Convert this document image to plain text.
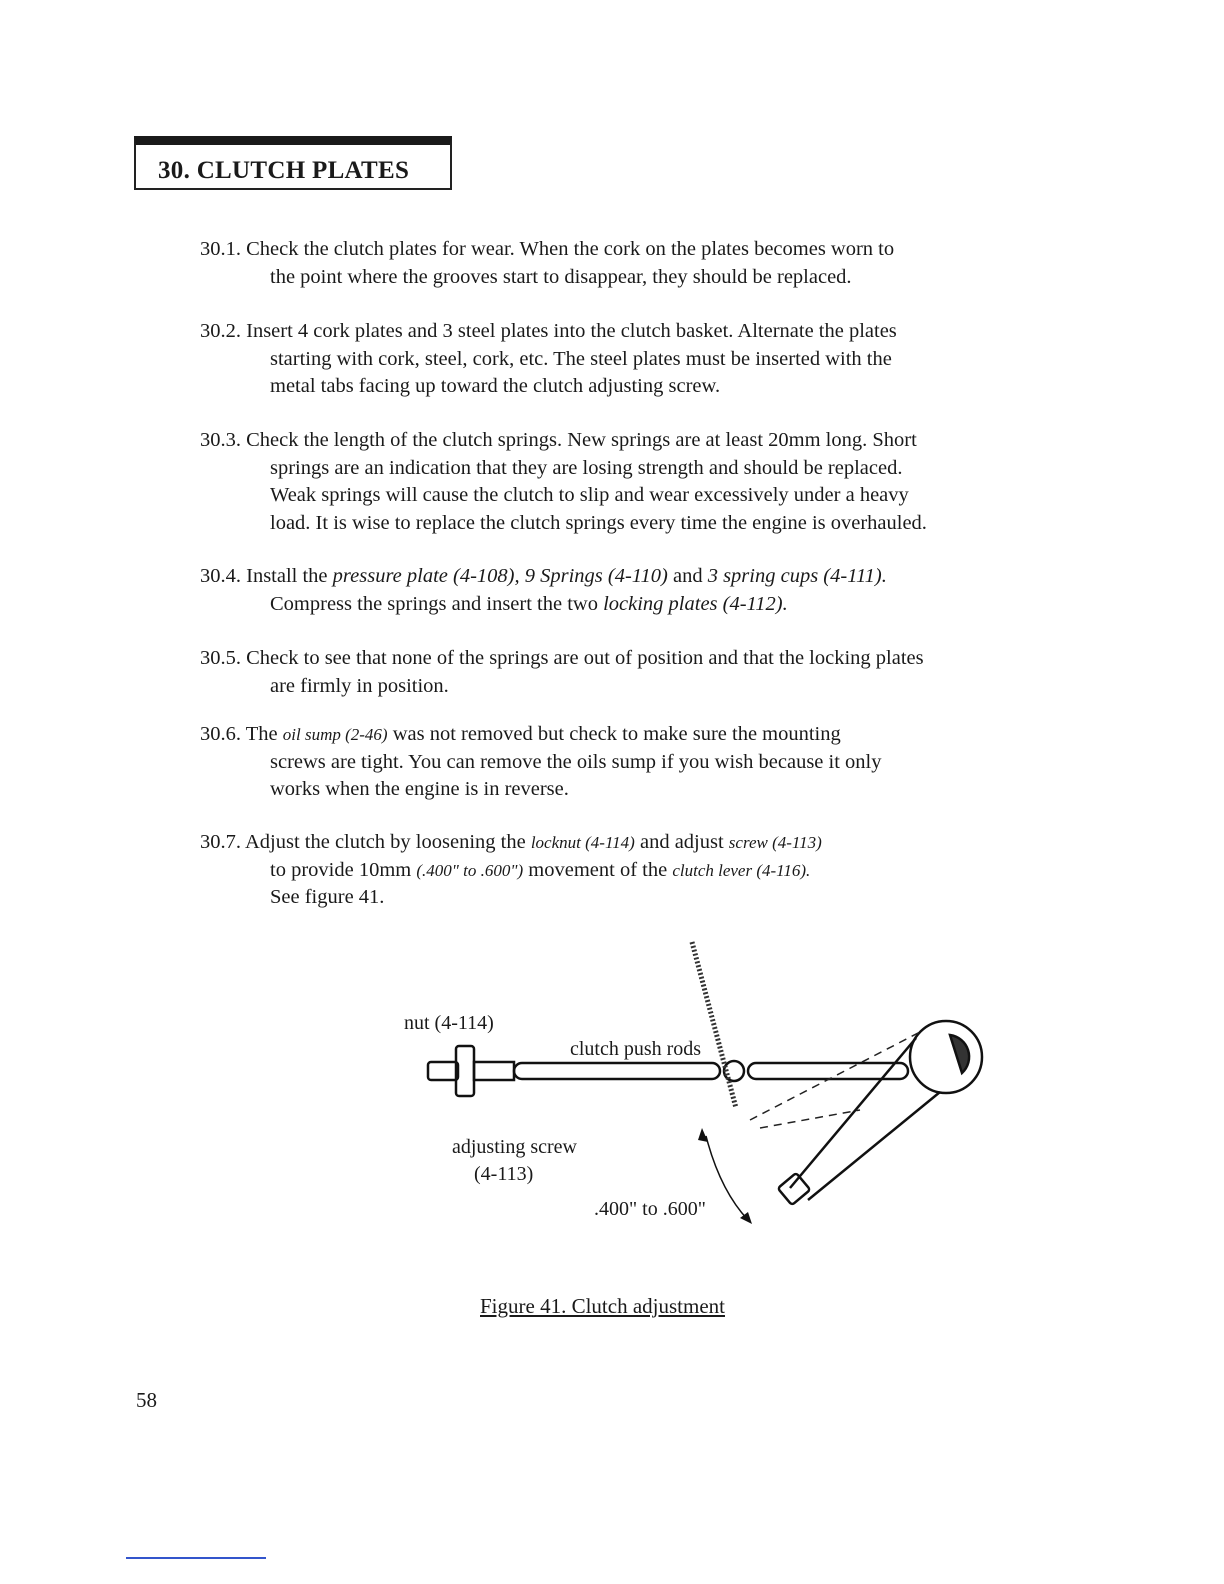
30. CLUTCH PLATES
30.1. Check the clutch plates for wear. When the cork on the plates becomes worn to
the point where the grooves start to disappear, they should be replaced.
30.2. Insert 4 cork plates and 3 steel plates into the clutch basket. Alternate the plates
starting with cork, steel, cork, etc. The steel plates must be inserted with the
metal tabs facing up toward the clutch adjusting screw.
30.3. Check the length of the clutch springs. New springs are at least 20mm long. Short
springs are an indication that they are losing strength and should be replaced.
Weak springs will cause the clutch to slip and wear excessively under a heavy
load. It is wise to replace the clutch springs every time the engine is overhauled.
30.4. Install the pressure plate (4-108), 9 Springs (4-110) and 3 spring cups (4-111).
Compress the springs and insert the two locking plates (4-112).
30.5. Check to see that none of the springs are out of position and that the locking plates
are firmly in position.
30.6. The oil sump (2-46) was not removed but check to make sure the mounting
screws are tight. You can remove the oils sump if you wish because it only
works when the engine is in reverse.
30.7. Adjust the clutch by loosening the locknut (4-114) and adjust screw (4-113)
to provide 10mm (.400" to .600") movement of the clutch lever (4-116).
See figure 41.
nut (4-114)
clutch push rods
adjusting screw
(4-113)
.400" to .600"
Figure 41. Clutch adjustment
58
